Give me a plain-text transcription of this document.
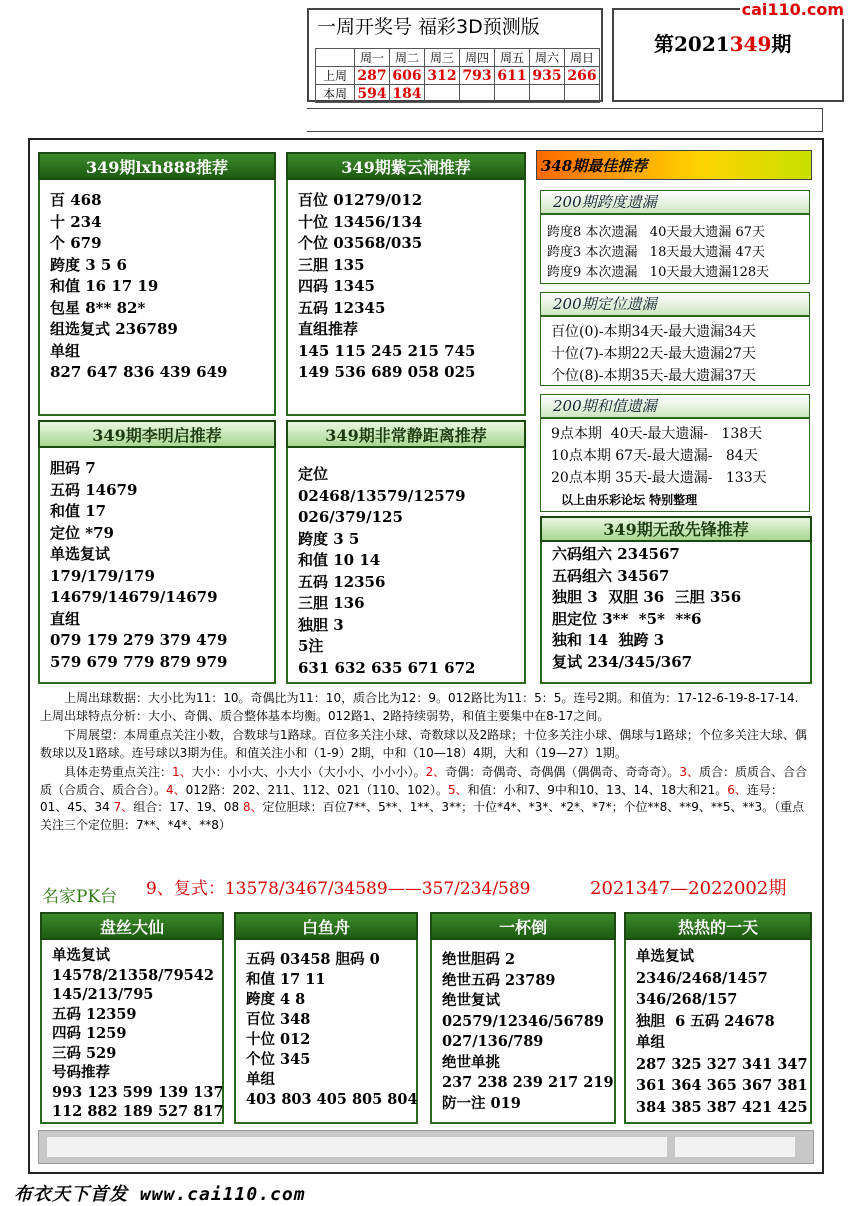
一周开奖号 福彩3D预测版
	周一	周二	周三	周四	周五	周六	周日
上周	287	606	312	793	611	935	266
本周	594	184					
第2021349期
cai110.com
349期lxh888推荐
百 468
十 234
个 679
跨度 3 5 6
和值 16 17 19
包星 8** 82*
组选复式 236789
单组
827 647 836 439 649
349期紫云涧推荐
百位 01279/012
十位 13456/134
个位 03568/035
三胆 135
四码 1345
五码 12345
直组推荐
145 115 245 215 745
149 536 689 058 025
349期李明启推荐
胆码 7
五码 14679
和值 17
定位 *79
单选复试
179/179/179
14679/14679/14679
直组
079 179 279 379 479
579 679 779 879 979
349期非常静距离推荐
定位
02468/13579/12579
026/379/125
跨度 3 5
和值 10 14
五码 12356
三胆 136
独胆 3
5注
631 632 635 671 672
348期最佳推荐
200期跨度遗漏
跨度8 本次遗漏   40天最大遗漏 67天
跨度3 本次遗漏   18天最大遗漏 47天
跨度9 本次遗漏   10天最大遗漏128天
200期定位遗漏
百位(0)-本期34天-最大遗漏34天
十位(7)-本期22天-最大遗漏27天
个位(8)-本期35天-最大遗漏37天
200期和值遗漏
9点本期  40天-最大遗漏-   138天
10点本期 67天-最大遗漏-   84天
20点本期 35天-最大遗漏-   133天
以上由乐彩论坛 特别整理
349期无敌先锋推荐
六码组六 234567
五码组六 34567
独胆 3  双胆 36  三胆 356
胆定位 3**  *5*  **6
独和 14  独跨 3
复试 234/345/367

　　上周出球数据：大小比为11：10。奇偶比为11：10，质合比为12：9。012路比为11：5：5。连号2期。和值为：17-12-6-19-8-17-14.上周出球特点分析：大小、奇偶、质合整体基本均衡。012路1、2路持续弱势，和值主要集中在8-17之间。

　　下周展望：本周重点关注小数，合数球与1路球。百位多关注小球、奇数球以及2路球；十位多关注小球、偶球与1路球；个位多关注大球、偶数球以及1路球。连号球以3期为佳。和值关注小和（1-9）2期，中和（10—18）4期，大和（19—27）1期。

　　具体走势重点关注：1、大小：小小大、小大小（大小小、小小小）。2、奇偶：奇偶奇、奇偶偶（偶偶奇、奇奇奇）。3、质合：质质合、合合质（合质合、质合合）。4、012路：202、211、112、021（110、102）。5、和值：小和7、9中和10、13、14、18大和21。6、连号：01、45、34 7、组合：17、19、08 8、定位胆球：百位7**、5**、1**、3**；十位*4*、*3*、*2*、*7*；个位**8、**9、**5、**3。（重点关注三个定位胆：7**、*4*、**8）

名家PK台 9、复式：13578/3467/34589——357/234/589	2021347—2022002期
盘丝大仙
单选复试
14578/21358/79542
145/213/795
五码 12359
四码 1259
三码 529
号码推荐
993 123 599 139 137
112 882 189 527 817
白鱼舟
五码 03458 胆码 0
和值 17 11
跨度 4 8
百位 348
十位 012
个位 345
单组
403 803 405 805 804
一杯倒
绝世胆码 2
绝世五码 23789
绝世复试
02579/12346/56789
027/136/789
绝世单挑
237 238 239 217 219
防一注 019
热热的一天
单选复试
2346/2468/1457
346/268/157
独胆  6 五码 24678
单组
287 325 327 341 347
361 364 365 367 381
384 385 387 421 425
布衣天下首发 www.cai110.com
